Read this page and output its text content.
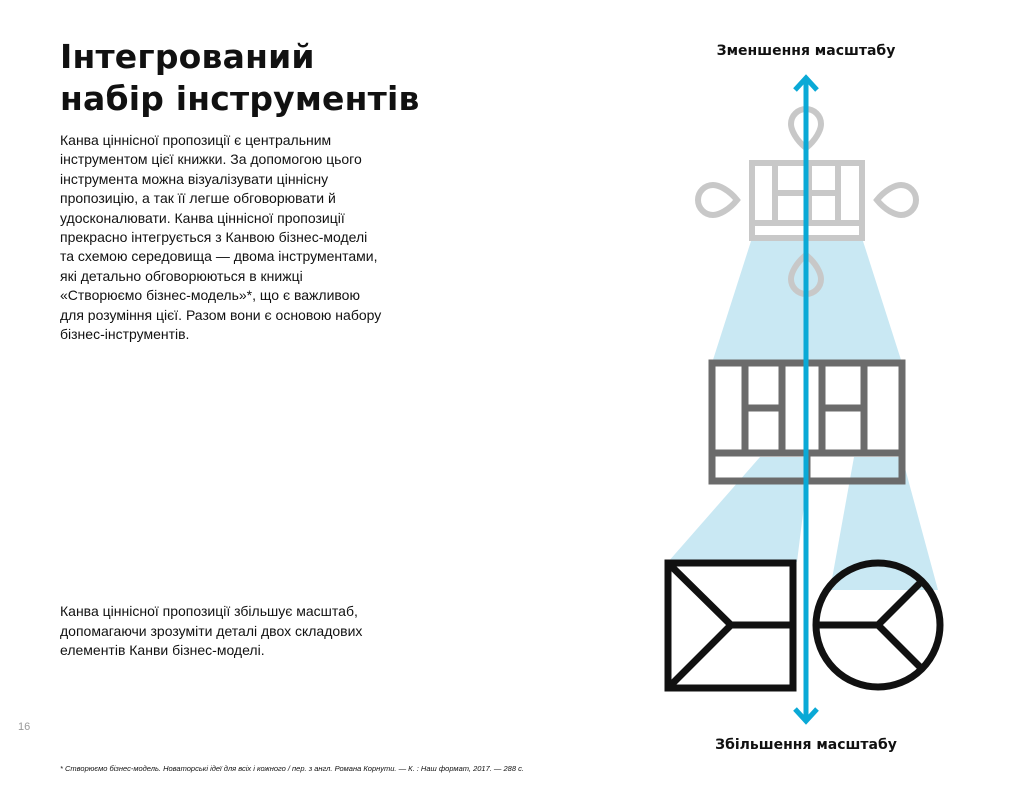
Інтегрований
набір інструментів
Канва ціннісної пропозиції є центральним
інструментом цієї книжки. За допомогою цього
інструмента можна візуалізувати ціннісну
пропозицію, а так її легше обговорювати й
удосконалювати. Канва ціннісної пропозиції
прекрасно інтегрується з Канвою бізнес-моделі
та схемою середовища — двома інструментами,
які детально обговорюються в книжці
«Створюємо бізнес-модель»*, що є важливою
для розуміння цієї. Разом вони є основою набору
бізнес-інструментів.
Канва ціннісної пропозиції збільшує масштаб,
допомагаючи зрозуміти деталі двох складових
елементів Канви бізнес-моделі.
16
* Створюємо бізнес-модель. Новаторські ідеї для всіх і кожного / пер. з англ. Романа Корнути. — К. : Наш формат, 2017. — 288 с.
Зменшення масштабу
Збільшення масштабу
